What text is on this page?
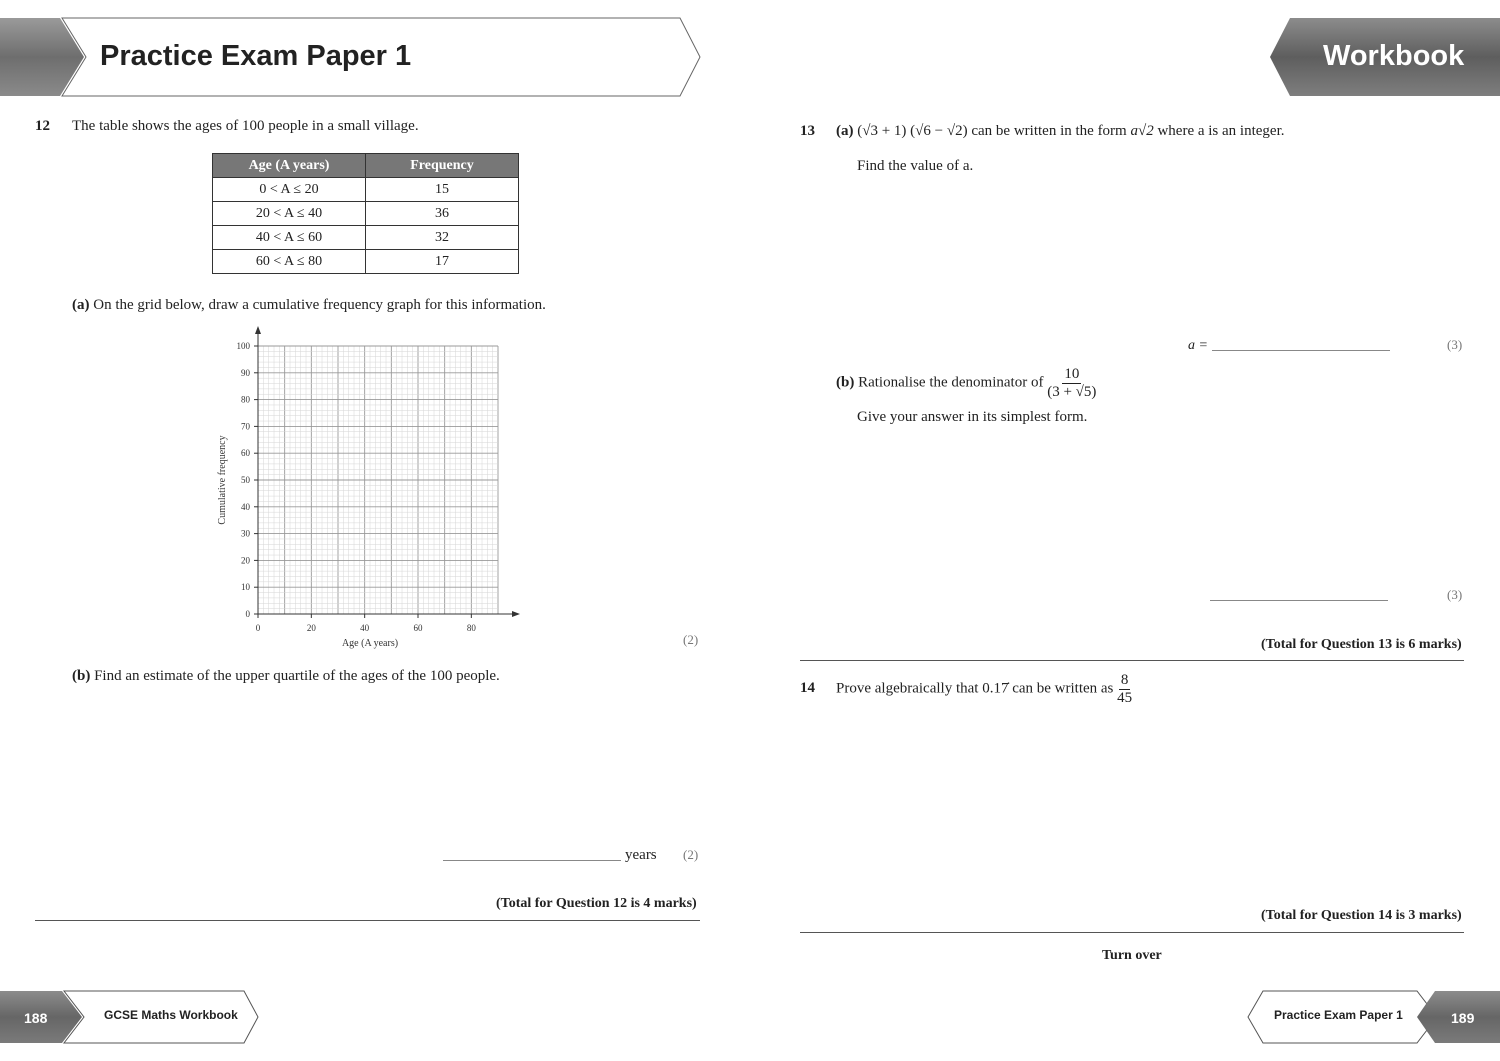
Practice Exam Paper 1	Workbook
12 The table shows the ages of 100 people in a small village.
Age (A years)	Frequency
0 < A ≤ 20	15
20 < A ≤ 40	36
40 < A ≤ 60	32
60 < A ≤ 80	17
(a) On the grid below, draw a cumulative frequency graph for this information.
0
10
20
30
40
50
60
70
80
90
100
0	20	40	60	80
Age (A years)
Cumulative frequency
(2)
(b) Find an estimate of the upper quartile of the ages of the 100 people.
years (2)
(Total for Question 12 is 4 marks)
13 (a) (√3 + 1) (√6 − √2) can be written in the form a√2 where a is an integer.
Find the value of a.
a =	(3)
(b) Rationalise the denominator of $\frac{10}{(3 + √5)}$
Give your answer in its simplest form.
(3)
(Total for Question 13 is 6 marks)
14 Prove algebraically that 0.17̇ can be written as $\frac{8}{45}$
(Total for Question 14 is 3 marks)
Turn over
188	GCSE Maths Workbook	Practice Exam Paper 1	189
